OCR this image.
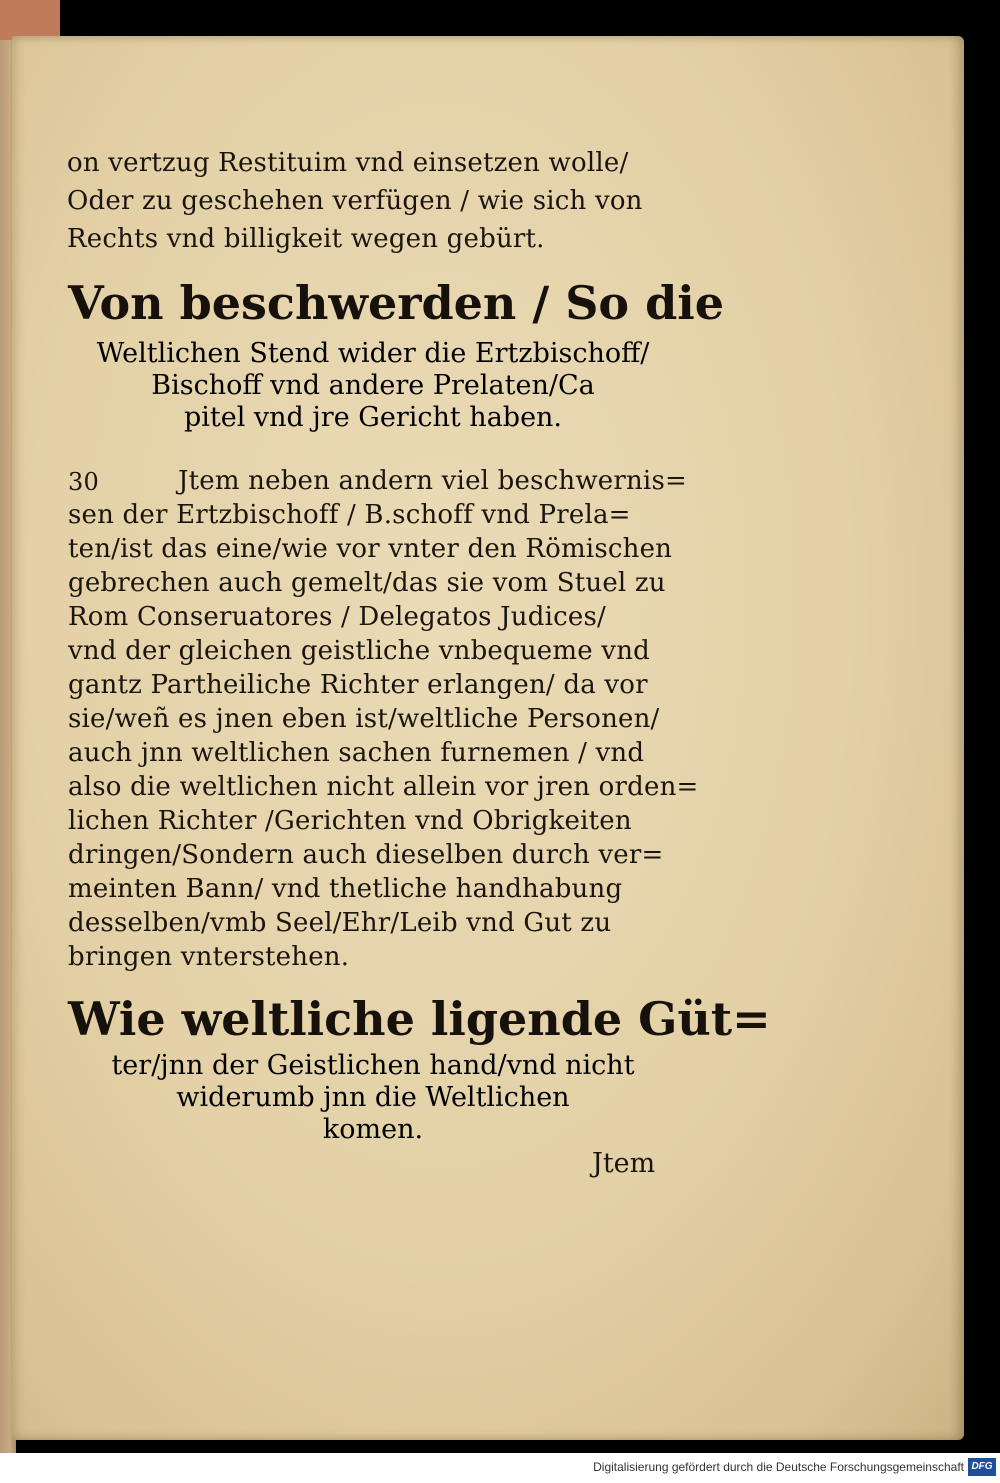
on vertzug Restituim vnd einsetzen wolle/
Oder zu geschehen verfügen / wie sich von
Rechts vnd billigkeit wegen gebürt.
Von beschwerden / So die
Weltlichen Stend wider die Ertzbischoff/
Bischoff vnd andere Prelaten/Ca
pitel vnd jre Gericht haben.
30	Jtem neben andern viel beschwernis=
sen der Ertzbischoff / B.schoff vnd Prela=
ten/ist das eine/wie vor vnter den Römischen
gebrechen auch gemelt/das sie vom Stuel zu
Rom Conseruatores / Delegatos Judices/
vnd der gleichen geistliche vnbequeme vnd
gantz Partheiliche Richter erlangen/ da vor
sie/weñ es jnen eben ist/weltliche Personen/
auch jnn weltlichen sachen furnemen / vnd
also die weltlichen nicht allein vor jren orden=
lichen Richter /Gerichten vnd Obrigkeiten
dringen/Sondern auch dieselben durch ver=
meinten Bann/ vnd thetliche handhabung
desselben/vmb Seel/Ehr/Leib vnd Gut zu
bringen vnterstehen.
Wie weltliche ligende Güt=
ter/jnn der Geistlichen hand/vnd nicht
widerumb jnn die Weltlichen
komen.
Jtem
Digitalisierung gefördert durch die Deutsche Forschungsgemeinschaft DFG
